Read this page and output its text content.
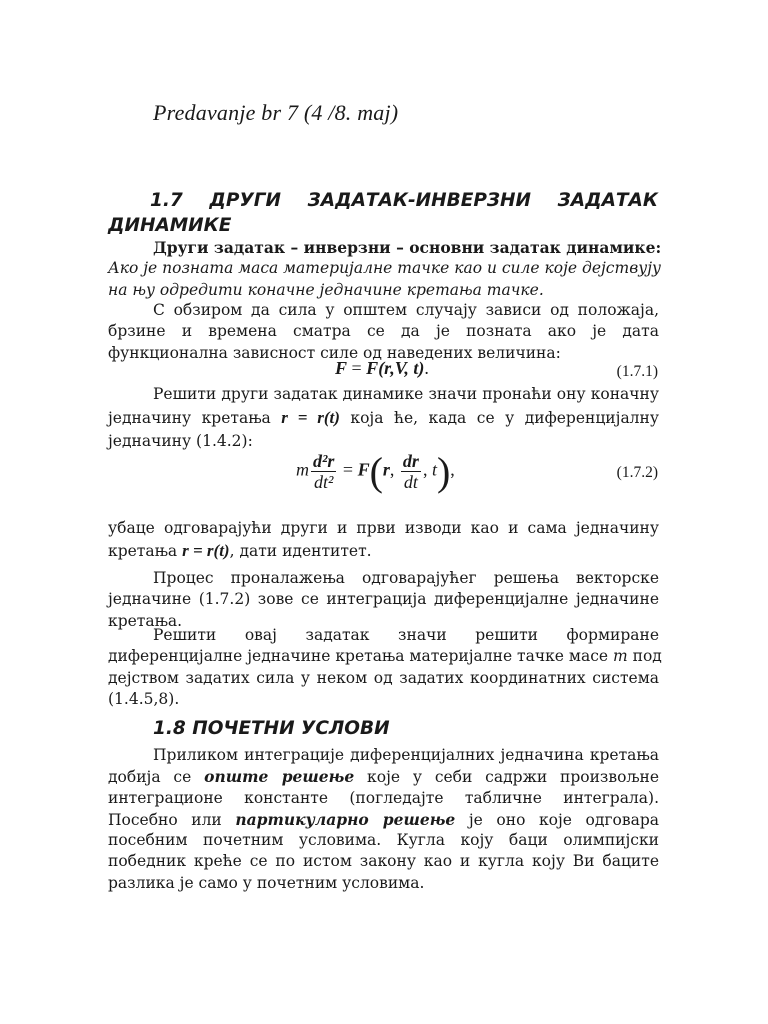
Predavanje br 7 (4 /8. maj)
1.7 ДРУГИ ЗАДАТАК-ИНВЕРЗНИ ЗАДАТАК
ДИНАМИКЕ
Други задатак – инверзни – основни задатак динамике:
Ако је позната маса материјалне тачке као и силе које дејствују
на њу одредити коначне једначине кретања тачке.
С обзиром да сила у општем случају зависи од положаја,
брзине и времена сматра се да је позната ако је дата
функционална зависност силе од наведених величина:
F = F(r,V, t).	(1.7.1)
Решити други задатак динамике значи пронаћи ону коначну
једначину кретања r = r(t) која ће, када се у диференцијалну
једначину (1.4.2):
m $\frac{\text{d²r}}{\text{dt²}} = F(r$, $\frac{dr}{dt}$ , t),	(1.7.2)
убаце одговарајући други и први изводи као и сама једначину
кретања r = r(t), дати идентитет.
Процес проналажења одговарајућег решења векторске
једначине (1.7.2) зове се интеграција диференцијалне једначине
кретања.
Решити овај задатак значи решити формиране
диференцијалне једначине кретања материјалне тачке масе m под
дејством задатих сила у неком од задатих координатних система
(1.4.5,8).
1.8 ПОЧЕТНИ УСЛОВИ
Приликом интеграције диференцијалних једначина кретања
добија се опште решење које у себи садржи произвољне
интеграционе константе (погледајте табличне интеграла).
Посебно или партикуларно решење је оно које одговара
посебним почетним условима. Кугла коју баци олимпијски
победник креће се по истом закону као и кугла коју Ви баците
разлика је само у почетним условима.
